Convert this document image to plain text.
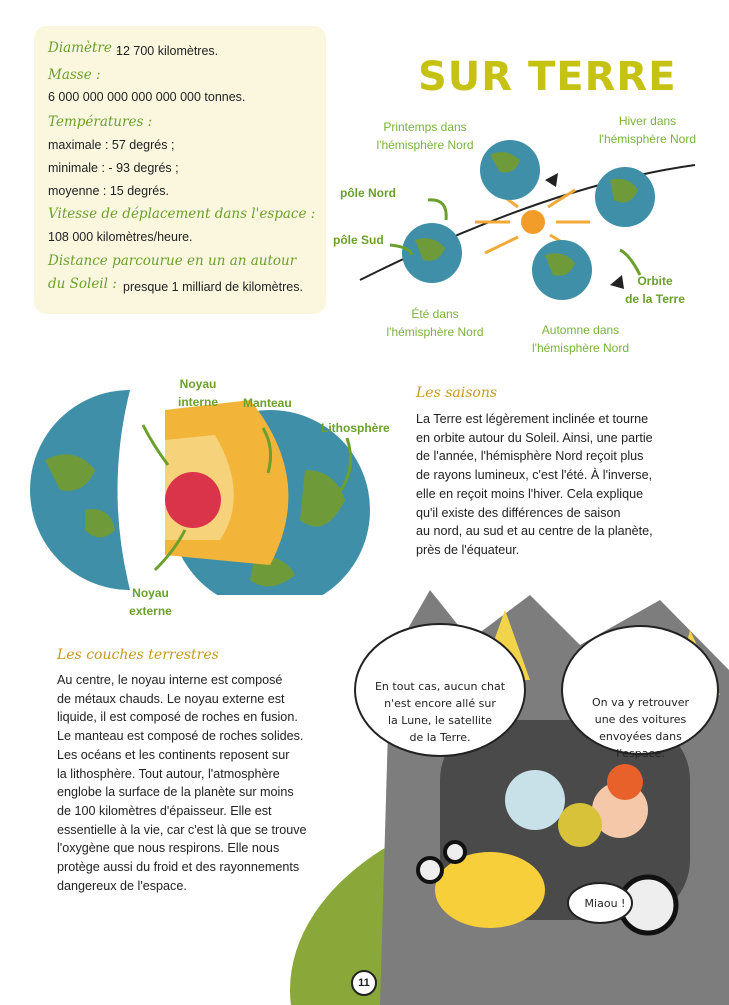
Diamètre :
12 700 kilomètres.
Masse :
6 000 000 000 000 000 000 tonnes.
Températures :
maximale : 57 degrés ;
minimale : - 93 degrés ;
moyenne : 15 degrés.
Vitesse de déplacement dans l'espace :
108 000 kilomètres/heure.
Distance parcourue en un an autour
du Soleil : presque 1 milliard de kilomètres.
SUR TERRE
Printemps dans
l'hémisphère Nord
Hiver dans
l'hémisphère Nord
pôle Nord
pôle Sud
Été dans
l'hémisphère Nord	Automne dans
l'hémisphère Nord
Orbite
de la Terre
Noyau
interne	Manteau
Lithosphère
Noyau
externe
Les saisons
La Terre est légèrement inclinée et tourne
en orbite autour du Soleil. Ainsi, une partie
de l'année, l'hémisphère Nord reçoit plus
de rayons lumineux, c'est l'été. À l'inverse,
elle en reçoit moins l'hiver. Cela explique
qu'il existe des différences de saison
au nord, au sud et au centre de la planète,
près de l'équateur.
Les couches terrestres
Au centre, le noyau interne est composé
de métaux chauds. Le noyau externe est
liquide, il est composé de roches en fusion.
Le manteau est composé de roches solides.
Les océans et les continents reposent sur
la lithosphère. Tout autour, l'atmosphère
englobe la surface de la planète sur moins
de 100 kilomètres d'épaisseur. Elle est
essentielle à la vie, car c'est là que se trouve
l'oxygène que nous respirons. Elle nous
protège aussi du froid et des rayonnements
dangereux de l'espace.
En tout cas, aucun chat
n'est encore allé sur
la Lune, le satellite
de la Terre.
On va y retrouver
une des voitures
envoyées dans
l'espace.
Miaou !
11
